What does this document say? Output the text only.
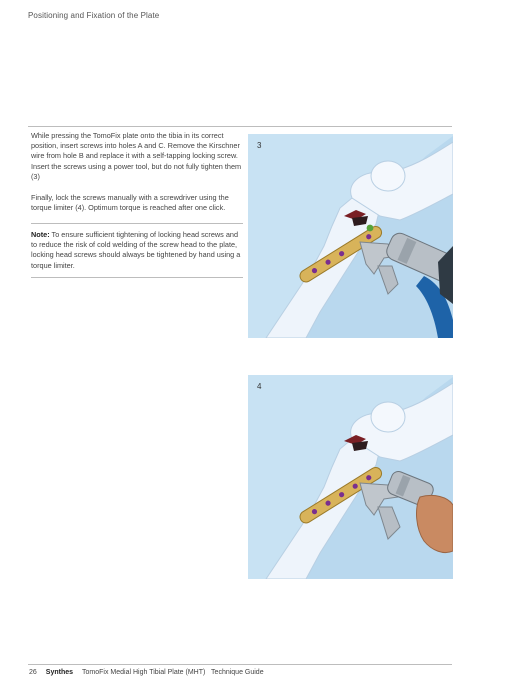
Positioning and Fixation of the Plate

While pressing the TomoFix plate onto the tibia in its correct position, insert screws into holes A and C. Remove the Kirschner wire from hole B and replace it with a self-tapping locking screw. Insert the screws using a power tool, but do not fully tighten them (3)

Finally, lock the screws manually with a screwdriver using the torque limiter (4). Optimum torque is reached after one click.

Note: To ensure sufficient tightening of locking head screws and to reduce the risk of cold welding of the screw head to the plate, locking head screws should always be tightened by hand using a torque limiter.

3
4
26 Synthes TomoFix Medial High Tibial Plate (MHT)   Technique Guide
